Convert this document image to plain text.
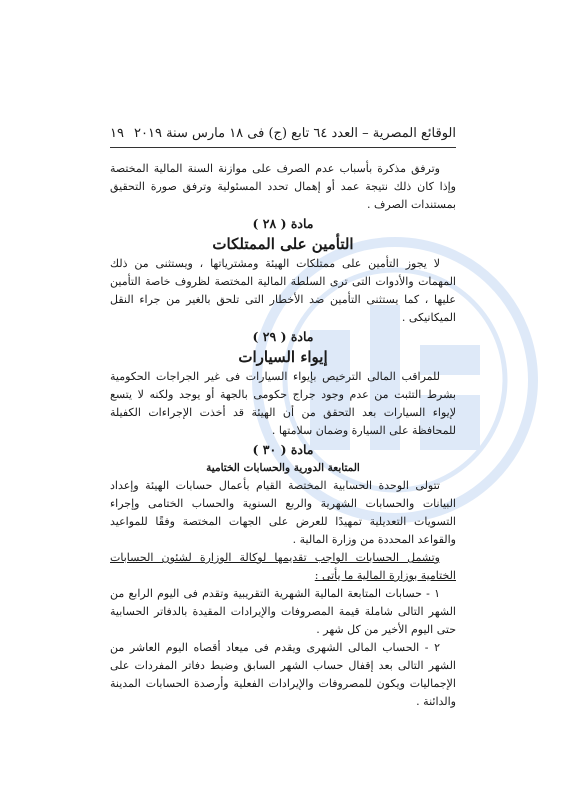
الوقائع المصرية – العدد ٦٤ تابع (ج) فى ١٨ مارس سنة ٢٠١٩
١٩

وترفق مذكرة بأسباب عدم الصرف على موازنة السنة المالية المختصة وإذا كان ذلك نتيجة عمد أو إهمال تحدد المسئولية وترفق صورة التحقيق بمستندات الصرف .

مادة ( ٢٨ )

التأمين على الممتلكات

لا يجوز التأمين على ممتلكات الهيئة ومشترياتها ، ويستثنى من ذلك المهمات والأدوات التى ترى السلطة المالية المختصة لظروف خاصة التأمين عليها ، كما يستثنى التأمين ضد الأخطار التى تلحق بالغير من جراء النقل الميكانيكى .

مادة ( ٢٩ )

إيواء السيارات

للمراقب المالى الترخيص بإيواء السيارات فى غير الجراجات الحكومية بشرط التثبت من عدم وجود جراج حكومى بالجهة أو يوجد ولكنه لا يتسع لإيواء السيارات بعد التحقق من أن الهيئة قد أخذت الإجراءات الكفيلة للمحافظة على السيارة وضمان سلامتها .

مادة ( ٣٠ )

المتابعة الدورية والحسابات الختامية

تتولى الوحدة الحسابية المختصة القيام بأعمال حسابات الهيئة وإعداد البيانات والحسابات الشهرية والربع السنوية والحساب الختامى وإجراء التسويات التعديلية تمهيدًا للعرض على الجهات المختصة وفقًا للمواعيد والقواعد المحددة من وزارة المالية .

وتشمل الحسابات الواجب تقديمها لوكالة الوزارة لشئون الحسابات الختامية بوزارة المالية ما يأتى :

١ - حسابات المتابعة المالية الشهرية التقريبية وتقدم فى اليوم الرابع من الشهر التالى شاملة قيمة المصروفات والإيرادات المقيدة بالدفاتر الحسابية حتى اليوم الأخير من كل شهر .

٢ - الحساب المالى الشهرى ويقدم فى ميعاد أقصاه اليوم العاشر من الشهر التالى بعد إقفال حساب الشهر السابق وضبط دفاتر المفردات على الإجماليات ويكون للمصروفات والإيرادات الفعلية وأرصدة الحسابات المدينة والدائنة .
